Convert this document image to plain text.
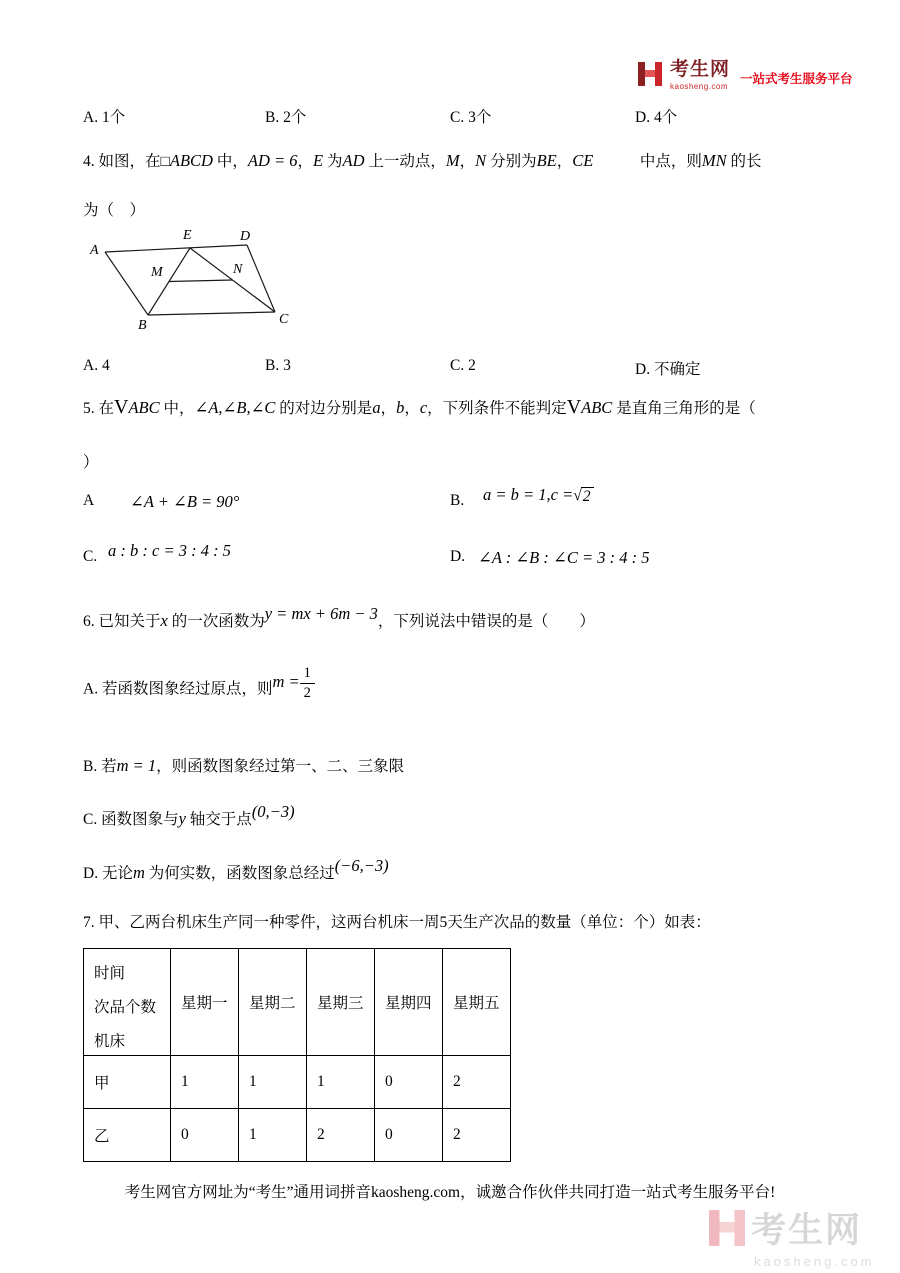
考生网
kaosheng.com
一站式考生服务平台
A. 1个	B. 2个	C. 3个	D. 4个
4. 如图，在□ABCD 中，AD = 6，E 为AD 上一动点，M，N 分别为BE，CE　　　	中点，则MN 的长
为（　）
A
E	D
M	N
B	C
A. 4	B. 3	C. 2	D. 不确定
5. 在VABC 中，∠A,∠B,∠C 的对边分别是a，b，c，下列条件不能判定VABC 是直角三角形的是（
）
A ∠A + ∠B = 90°	B. a = b = 1,c = √ 2
C. a : b : c = 3 : 4 : 5	D. ∠A : ∠B : ∠C = 3 : 4 : 5
6. 已知关于x 的一次函数为y = mx + 6m − 3，下列说法中错误的是（　　）
A. 若函数图象经过原点，则$m = \frac{1}{2}$
B. 若m = 1，则函数图象经过第一、二、三象限
C. 函数图象与y 轴交于点(0,−3)
D. 无论m 为何实数，函数图象总经过(−6,−3)
7. 甲、乙两台机床生产同一种零件，这两台机床一周5天生产次品的数量（单位：个）如表：
时间
次品个数
机床	星期一	星期二	星期三	星期四	星期五
甲	1	1	1	0	2
乙	0	1	2	0	2
考生网官方网址为“考生”通用词拼音kaosheng.com，诚邀合作伙伴共同打造一站式考生服务平台!
考生网
kaosheng.com
